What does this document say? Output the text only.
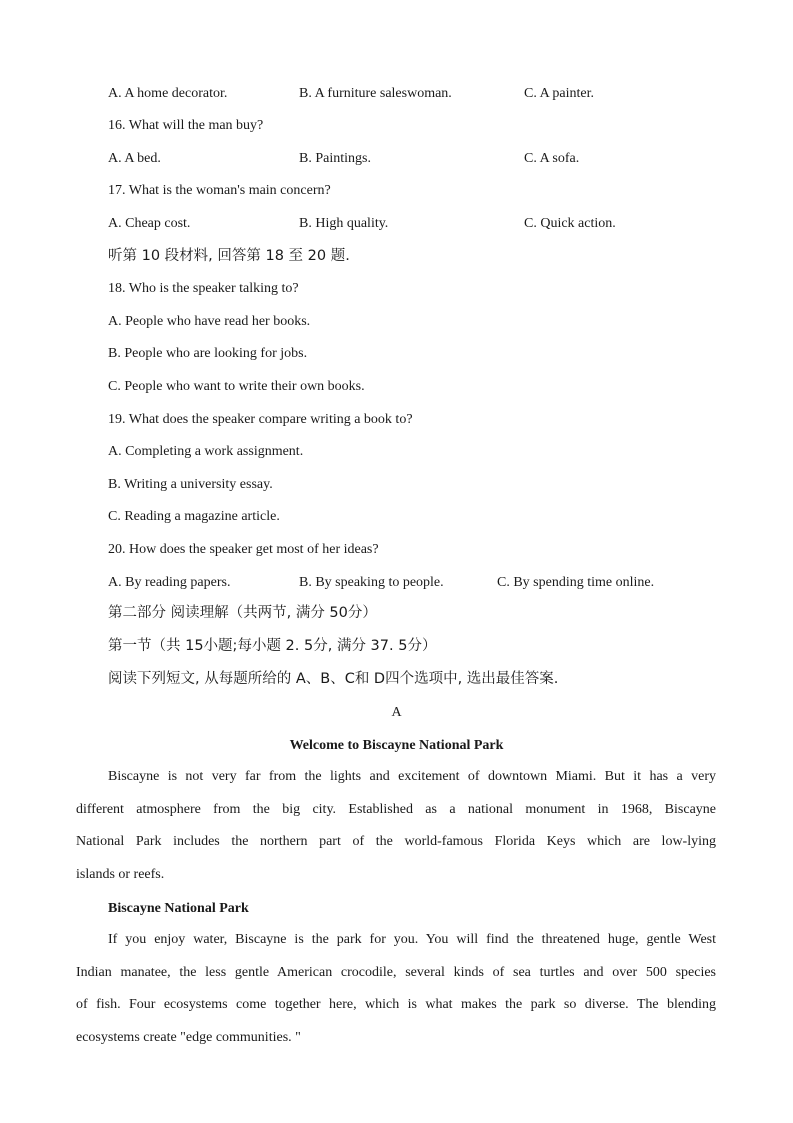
A. A home decorator.	B. A furniture saleswoman.	C. A painter.
16. What will the man buy?
A. A bed.	B. Paintings.	C. A sofa.
17. What is the woman's main concern?
A. Cheap cost.	B. High quality.	C. Quick action.
听第 10 段材料, 回答第 18 至 20 题.
18. Who is the speaker talking to?
A. People who have read her books.
B. People who are looking for jobs.
C. People who want to write their own books.
19. What does the speaker compare writing a book to?
A. Completing a work assignment.
B. Writing a university essay.
C. Reading a magazine article.
20. How does the speaker get most of her ideas?
A. By reading papers.	B. By speaking to people.	C. By spending time online.
第二部分 阅读理解（共两节, 满分 50分）
第一节（共 15小题;每小题 2. 5分, 满分 37. 5分）
阅读下列短文, 从每题所给的 A、B、C和 D四个选项中, 选出最佳答案.
A
Welcome to Biscayne National Park
Biscayne is not very far from the lights and excitement of downtown Miami. But it has a very
different atmosphere from the big city. Established as a national monument in 1968, Biscayne
National Park includes the northern part of the world-famous Florida Keys which are low-lying
islands or reefs.
Biscayne National Park
If you enjoy water, Biscayne is the park for you. You will find the threatened huge, gentle West
Indian manatee, the less gentle American crocodile, several kinds of sea turtles and over 500 species
of fish. Four ecosystems come together here, which is what makes the park so diverse. The blending
ecosystems create "edge communities. "
